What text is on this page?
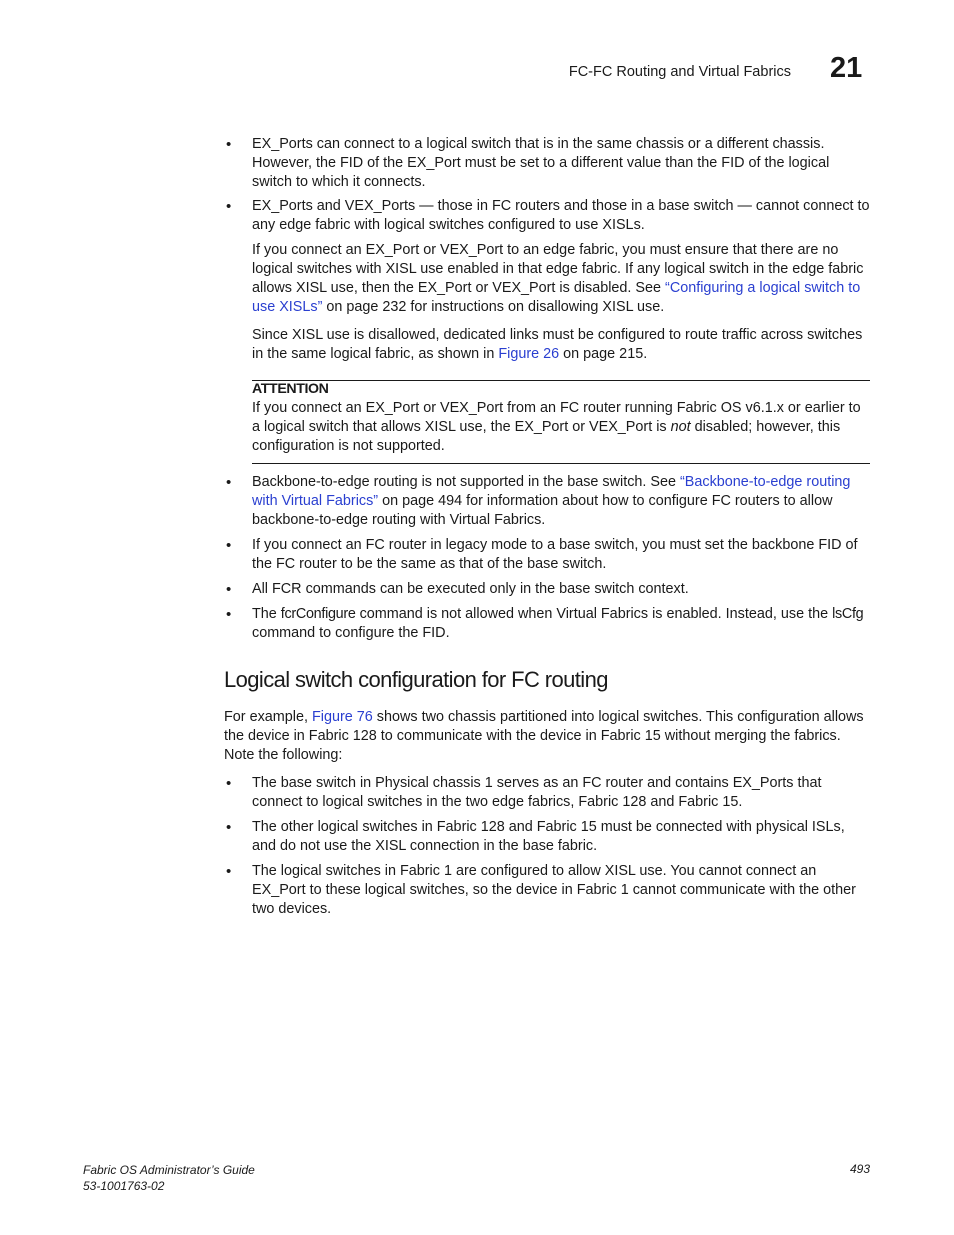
FC-FC Routing and Virtual Fabrics 21
• EX_Ports can connect to a logical switch that is in the same chassis or a different chassis. However, the FID of the EX_Port must be set to a different value than the FID of the logical switch to which it connects.
• EX_Ports and VEX_Ports — those in FC routers and those in a base switch — cannot connect to any edge fabric with logical switches configured to use XISLs.

If you connect an EX_Port or VEX_Port to an edge fabric, you must ensure that there are no logical switches with XISL use enabled in that edge fabric. If any logical switch in the edge fabric allows XISL use, then the EX_Port or VEX_Port is disabled. See “Configuring a logical switch to use XISLs” on page 232 for instructions on disallowing XISL use.

Since XISL use is disallowed, dedicated links must be configured to route traffic across switches in the same logical fabric, as shown in Figure 26 on page 215.

ATTENTION

If you connect an EX_Port or VEX_Port from an FC router running Fabric OS v6.1.x or earlier to a logical switch that allows XISL use, the EX_Port or VEX_Port is not disabled; however, this configuration is not supported.

• Backbone-to-edge routing is not supported in the base switch. See “Backbone-to-edge routing with Virtual Fabrics” on page 494 for information about how to configure FC routers to allow backbone-to-edge routing with Virtual Fabrics.
• If you connect an FC router in legacy mode to a base switch, you must set the backbone FID of the FC router to be the same as that of the base switch.
• All FCR commands can be executed only in the base switch context.
• The fcrConfigure command is not allowed when Virtual Fabrics is enabled. Instead, use the lsCfg command to configure the FID.
Logical switch configuration for FC routing

For example, Figure 76 shows two chassis partitioned into logical switches. This configuration allows the device in Fabric 128 to communicate with the device in Fabric 15 without merging the fabrics. Note the following:

• The base switch in Physical chassis 1 serves as an FC router and contains EX_Ports that connect to logical switches in the two edge fabrics, Fabric 128 and Fabric 15.
• The other logical switches in Fabric 128 and Fabric 15 must be connected with physical ISLs, and do not use the XISL connection in the base fabric.
• The logical switches in Fabric 1 are configured to allow XISL use. You cannot connect an EX_Port to these logical switches, so the device in Fabric 1 cannot communicate with the other two devices.
Fabric OS Administrator’s Guide
53-1001763-02
493
